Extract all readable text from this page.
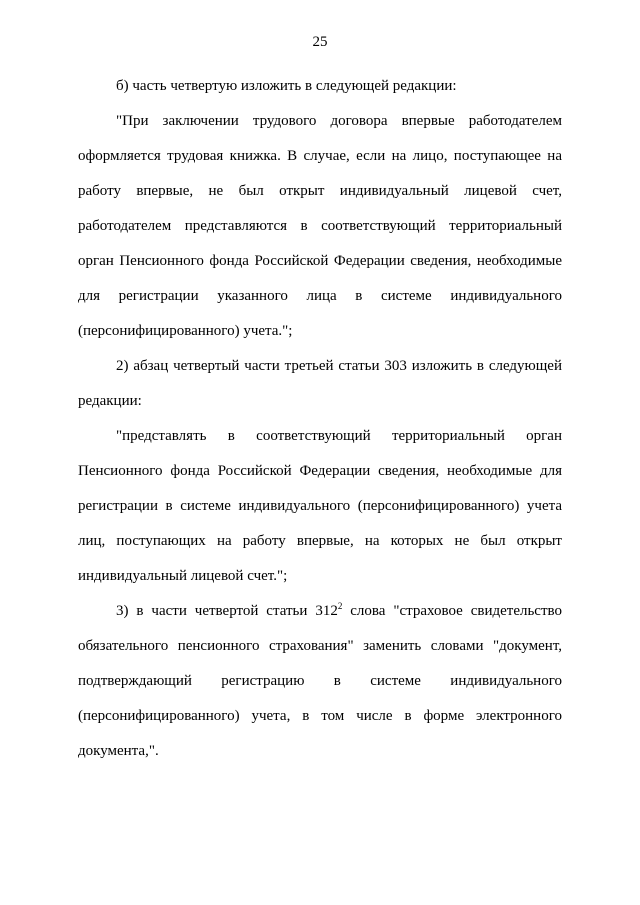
25

б) часть четвертую изложить в следующей редакции:

"При заключении трудового договора впервые работодателем оформляется трудовая книжка. В случае, если на лицо, поступающее на работу впервые, не был открыт индивидуальный лицевой счет, работодателем представляются в соответствующий территориальный орган Пенсионного фонда Российской Федерации сведения, необходимые для регистрации указанного лица в системе индивидуального (персонифицированного) учета.";

2) абзац четвертый части третьей статьи 303 изложить в следующей редакции:

"представлять в соответствующий территориальный орган Пенсионного фонда Российской Федерации сведения, необходимые для регистрации в системе индивидуального (персонифицированного) учета лиц, поступающих на работу впервые, на которых не был открыт индивидуальный лицевой счет.";

3) в части четвертой статьи $312^2$ слова "страховое свидетельство обязательного пенсионного страхования" заменить словами "документ, подтверждающий регистрацию в системе индивидуального (персонифицированного) учета, в том числе в форме электронного документа,".
